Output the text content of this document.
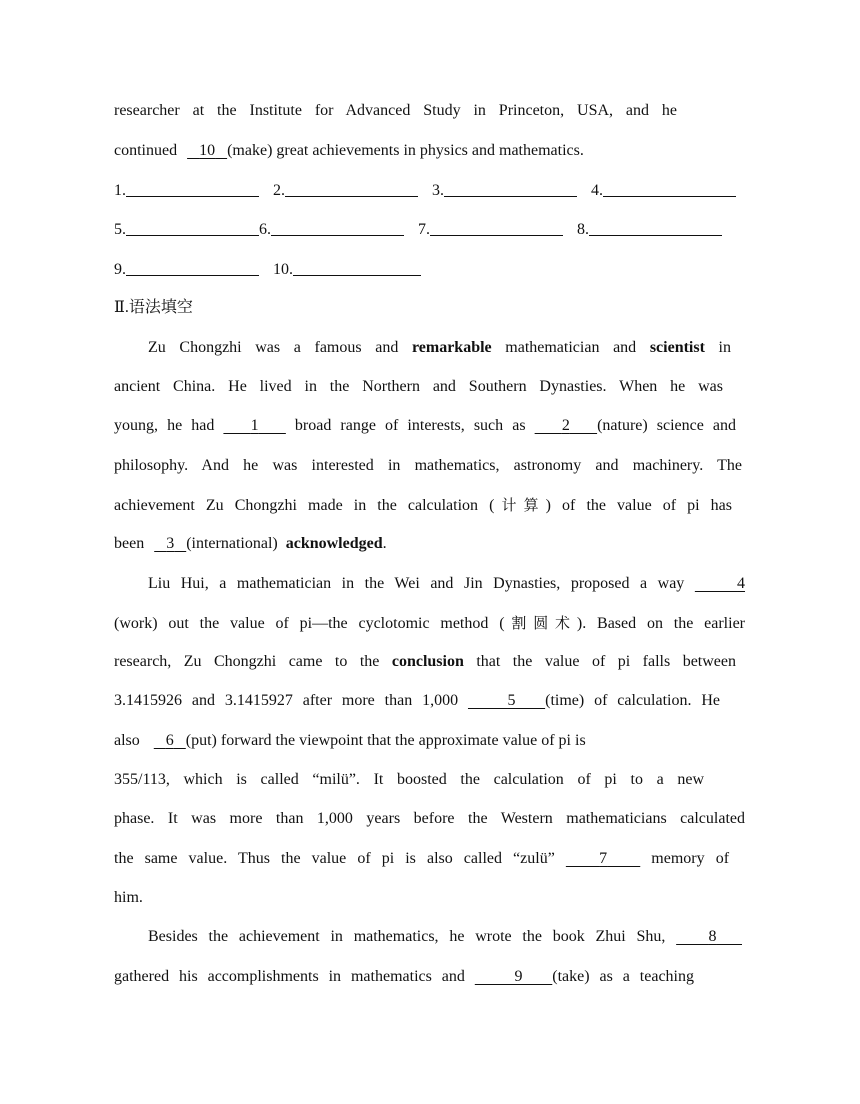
researcher at the Institute for Advanced Study in Princeton, USA, and he
continued 10 (make) great achievements in physics and mathematics.
1.	2.	3.	4.
5.	6.	7.	8.
9.	10.
Ⅱ.语法填空
Zu Chongzhi was a famous and remarkable mathematician and scientist in
ancient China. He lived in the Northern and Southern Dynasties. When he was
young, he had    1    broad range of interests, such as    2 (nature) science and
philosophy. And he was interested in mathematics, astronomy and machinery. The
achievement Zu Chongzhi made in the calculation (计算) of the value of pi has
been    3 (international) acknowledged.
Liu Hui, a mathematician in the Wei and Jin Dynasties, proposed a way	4
(work) out the value of pi—the cyclotomic method (割圆术). Based on the earlier
research, Zu Chongzhi came to the conclusion that the value of pi falls between
3.1415926 and 3.1415927 after more than 1,000     5 (time) of calculation. He
also    6 (put) forward the viewpoint that the approximate value of pi is
355/113, which is called “milü”. It boosted the calculation of pi to a new
phase. It was more than 1,000 years before the Western mathematicians calculated
the same value. Thus the value of pi is also called “zulü”    7    memory of
him.
Besides the achievement in mathematics, he wrote the book Zhui Shu,    8
gathered his accomplishments in mathematics and     9 (take) as a teaching
